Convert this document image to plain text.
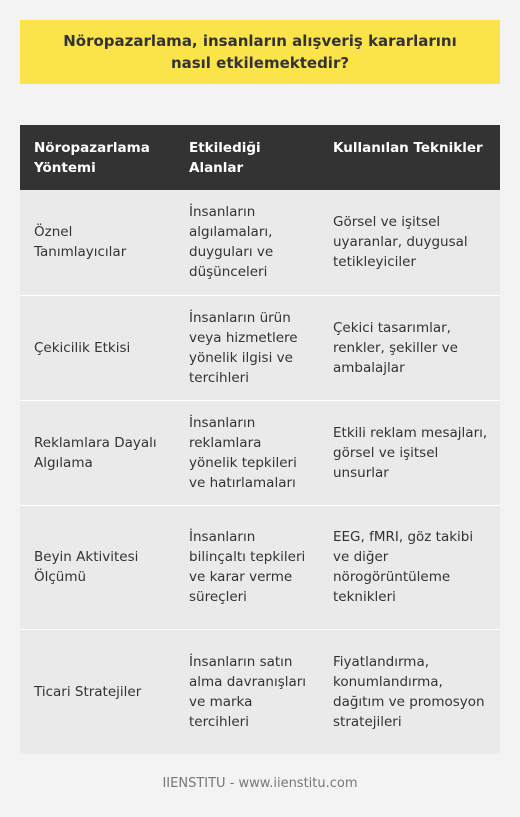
Nöropazarlama, insanların alışveriş kararlarını nasıl etkilemektedir?
Nöropazarlama Yöntemi	Etkilediği Alanlar	Kullanılan Teknikler
Öznel Tanımlayıcılar	İnsanların algılamaları, duyguları ve düşünceleri	Görsel ve işitsel uyaranlar, duygusal tetikleyiciler
Çekicilik Etkisi	İnsanların ürün veya hizmetlere yönelik ilgisi ve tercihleri	Çekici tasarımlar, renkler, şekiller ve ambalajlar
Reklamlara Dayalı Algılama	İnsanların reklamlara yönelik tepkileri ve hatırlamaları	Etkili reklam mesajları, görsel ve işitsel unsurlar
Beyin Aktivitesi Ölçümü	İnsanların bilinçaltı tepkileri ve karar verme süreçleri	EEG, fMRI, göz takibi ve diğer nörogörüntüleme teknikleri
Ticari Stratejiler	İnsanların satın alma davranışları ve marka tercihleri	Fiyatlandırma, konumlandırma, dağıtım ve promosyon stratejileri
IIENSTITU - www.iienstitu.com
